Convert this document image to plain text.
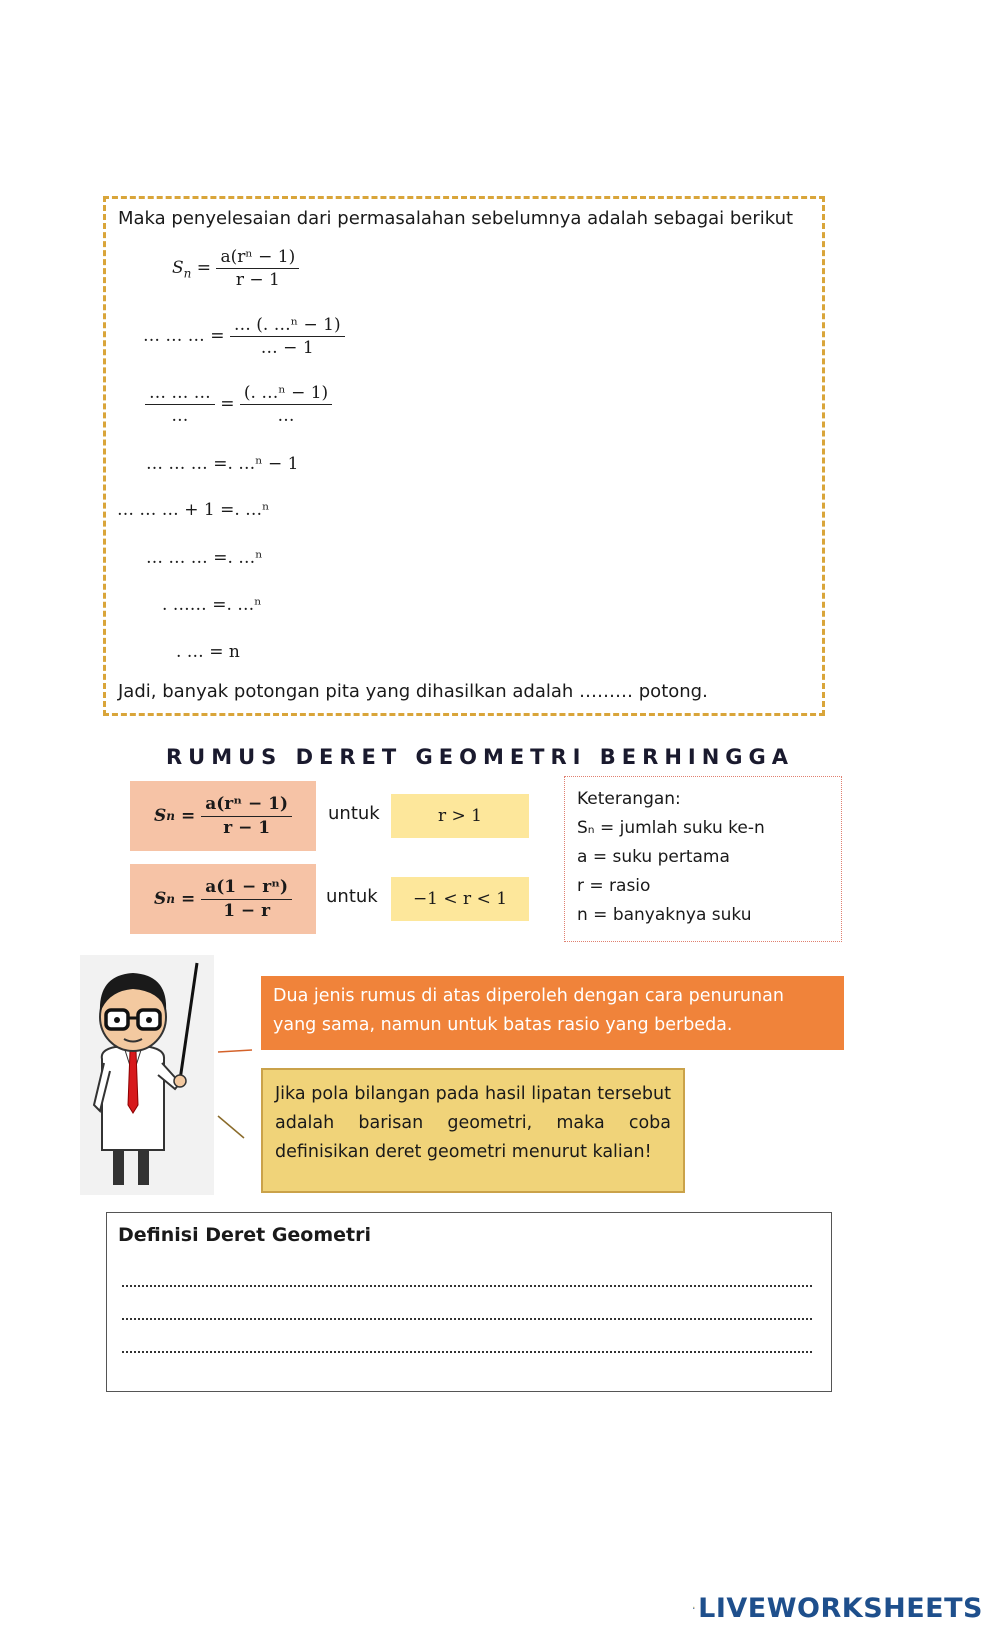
Maka penyelesaian dari permasalahan sebelumnya adalah sebagai berikut
$S_n = \frac{\text{a(rⁿ − 1)}}{r - 1}$
… … … = $\frac{\text{… (. …ⁿ − 1)}}{\dots - 1}$
$\frac{\dots \dots \dots}{\dots} = \frac{\text{(. …ⁿ − 1)}}{\dots}$
… … … =. …ⁿ − 1
… … … + 1 =. …ⁿ
… … … =. …ⁿ
. …… =. …ⁿ
. … = n
Jadi, banyak potongan pita yang dihasilkan adalah ……… potong.
RUMUS DERET GEOMETRI BERHINGGA
S $n = \frac{\text{a(rⁿ − 1)}}{r - 1}$ untuk	r > 1
S $n = \frac{\text{a(1 − rⁿ)}}{1 - r}$ untuk	−1 < r < 1
Keterangan:
Sₙ = jumlah suku ke-n
a = suku pertama
r = rasio
n = banyaknya suku
Dua jenis rumus di atas diperoleh dengan cara penurunan yang sama, namun untuk batas rasio yang berbeda.
Jika pola bilangan pada hasil lipatan tersebut adalah barisan geometri, maka coba definisikan deret geometri menurut kalian!
Definisi Deret Geometri
LIVEWORKSHEETS
